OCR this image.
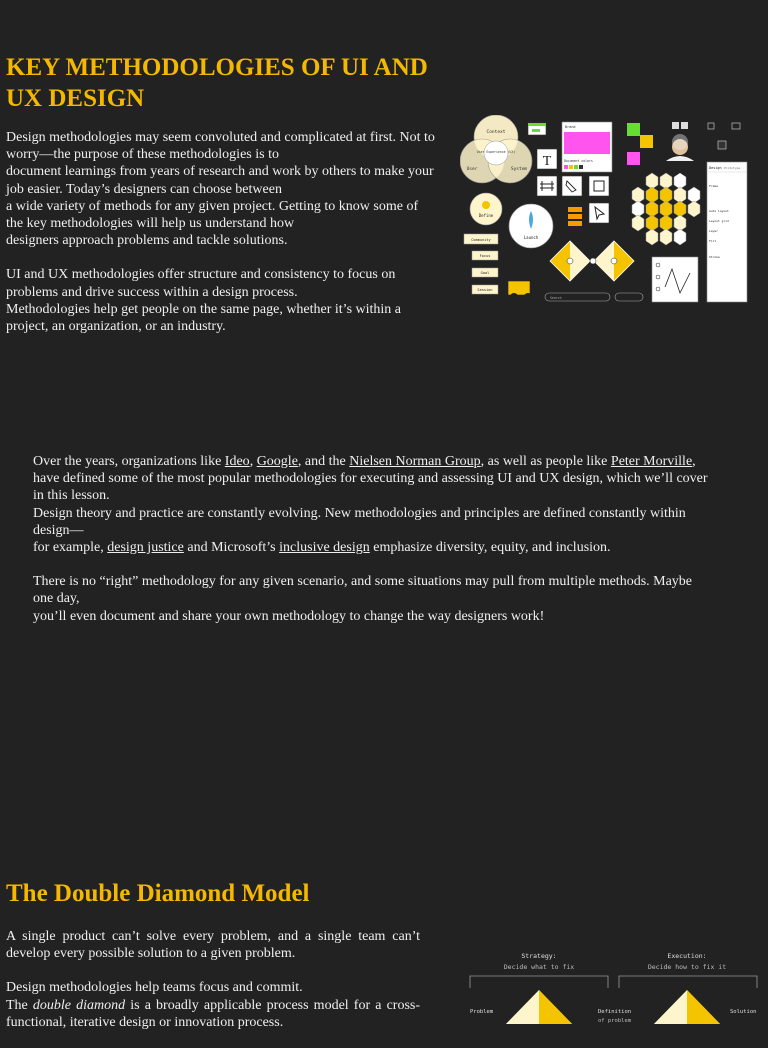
KEY METHODOLOGIES OF UI AND
UX DESIGN

Design methodologies may seem convoluted and complicated at first. Not to
worry—the purpose of these methodologies is to
document learnings from years of research and work by others to make your
job easier. Today’s designers can choose between
a wide variety of methods for any given project. Getting to know some of
the key methodologies will help us understand how
designers approach problems and tackle solutions.

UI and UX methodologies offer structure and consistency to focus on
problems and drive success within a design process.
Methodologies help get people on the same page, whether it’s within a
project, an organization, or an industry.

Context
User Experience (UX)
User	System
Brand
Document colors
T
Define
Launch
Design Prototype
Frame
Auto layout
Layout grid
Layer
Fill
Stroke
Community
Focus
Goal
Session
Search

Over the years, organizations like Ideo, Google, and the Nielsen Norman Group, as well as people like Peter Morville,
have defined some of the most popular methodologies for executing and assessing UI and UX design, which we’ll cover
in this lesson.
Design theory and practice are constantly evolving. New methodologies and principles are defined constantly within
design—
for example, design justice and Microsoft’s inclusive design emphasize diversity, equity, and inclusion.

There is no “right” methodology for any given scenario, and some situations may pull from multiple methods. Maybe
one day,
you’ll even document and share your own methodology to change the way designers work!

The Double Diamond Model

A single product can’t solve every problem, and a single team can’t develop every possible solution to a given problem.

Design methodologies help teams focus and commit.
The double diamond is a broadly applicable process model for a cross-functional, iterative design or innovation process.

Strategy:
Decide what to fix
Execution:
Decide how to fix it
Problem	Definition
of problem
Solution
